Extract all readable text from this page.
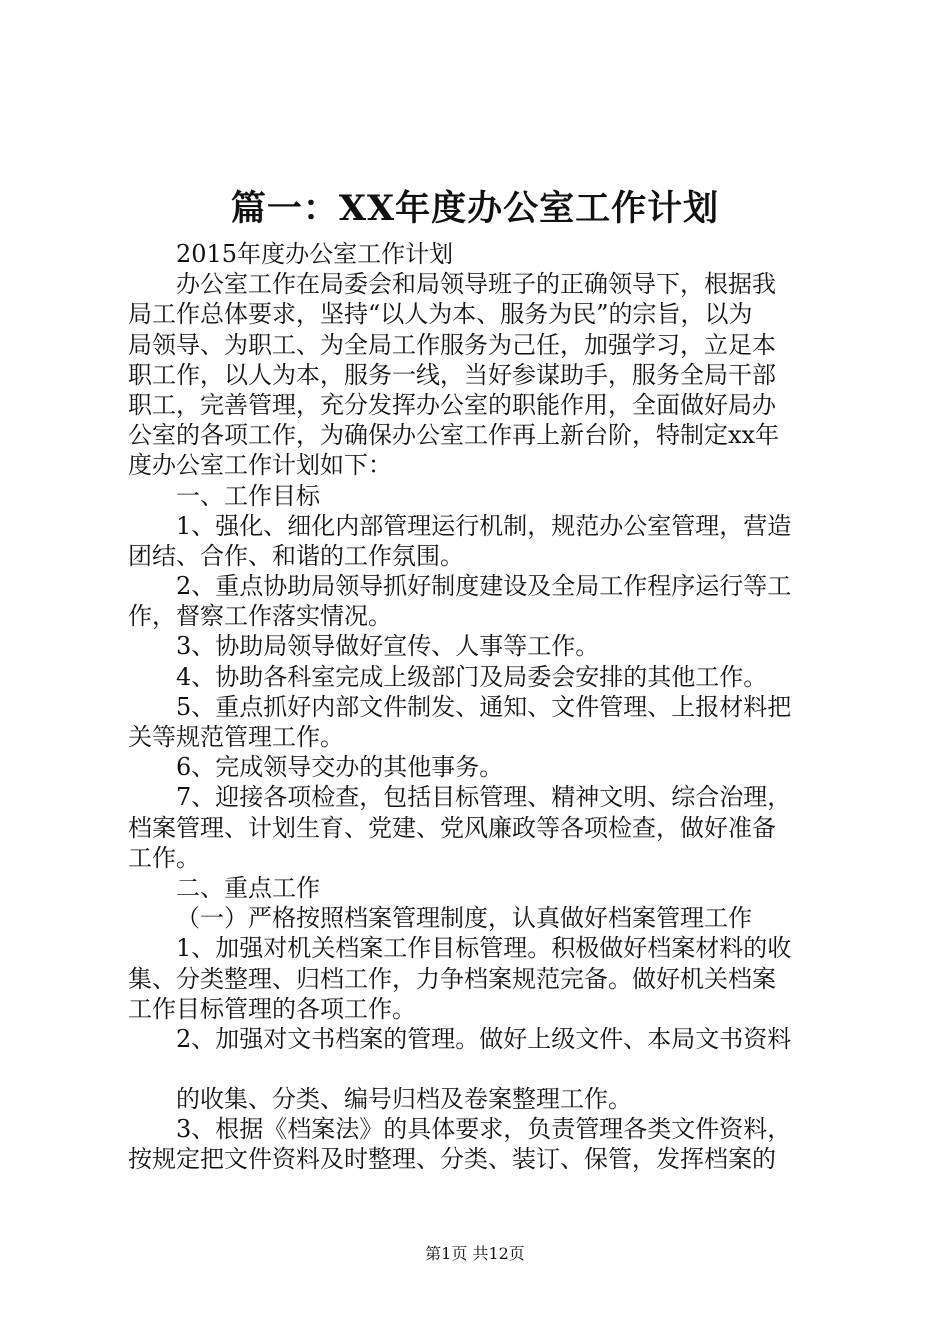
篇一：XX年度办公室工作计划
2015年度办公室工作计划
办公室工作在局委会和局领导班子的正确领导下，根据我
局工作总体要求，坚持“以人为本、服务为民”的宗旨，以为
局领导、为职工、为全局工作服务为己任，加强学习，立足本
职工作，以人为本，服务一线，当好参谋助手，服务全局干部
职工，完善管理，充分发挥办公室的职能作用，全面做好局办
公室的各项工作，为确保办公室工作再上新台阶，特制定xx年
度办公室工作计划如下：
一、工作目标
1、强化、细化内部管理运行机制，规范办公室管理，营造
团结、合作、和谐的工作氛围。
2、重点协助局领导抓好制度建设及全局工作程序运行等工
作，督察工作落实情况。
3、协助局领导做好宣传、人事等工作。
4、协助各科室完成上级部门及局委会安排的其他工作。
5、重点抓好内部文件制发、通知、文件管理、上报材料把
关等规范管理工作。
6、完成领导交办的其他事务。
7、迎接各项检查，包括目标管理、精神文明、综合治理，
档案管理、计划生育、党建、党风廉政等各项检查，做好准备
工作。
二、重点工作
（一）严格按照档案管理制度，认真做好档案管理工作
1、加强对机关档案工作目标管理。积极做好档案材料的收
集、分类整理、归档工作，力争档案规范完备。做好机关档案
工作目标管理的各项工作。
2、加强对文书档案的管理。做好上级文件、本局文书资料
的收集、分类、编号归档及卷案整理工作。
3、根据《档案法》的具体要求，负责管理各类文件资料，
按规定把文件资料及时整理、分类、装订、保管，发挥档案的
第1页 共12页
